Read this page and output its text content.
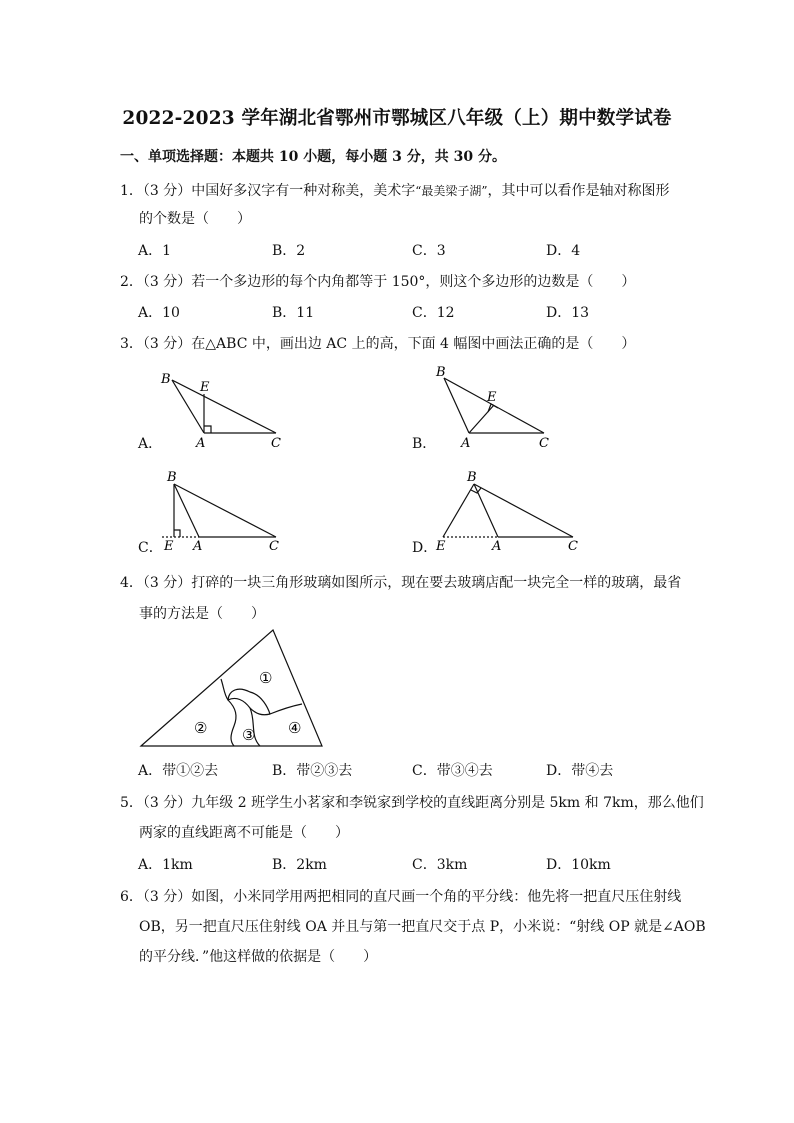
2022-2023 学年湖北省鄂州市鄂城区八年级（上）期中数学试卷
一、单项选择题：本题共 10 小题，每小题 3 分，共 30 分。
1．（3 分）中国好多汉字有一种对称美，美术字“最美梁子湖”，其中可以看作是轴对称图形
的个数是（　　）
A．1	B．2	C．3	D．4
2．（3 分）若一个多边形的每个内角都等于 150°，则这个多边形的边数是（　　）
A．10	B．11	C．12	D．13
3．（3 分）在△ABC 中，画出边 AC 上的高，下面 4 幅图中画法正确的是（　　）
A．	B．
C．	D．
B
E
A	C
B
E
A	C
B
E A	C
B
E	A	C
①
② ③ ④
4．（3 分）打碎的一块三角形玻璃如图所示，现在要去玻璃店配一块完全一样的玻璃，最省
事的方法是（　　）
A．带①②去	B．带②③去	C．带③④去	D．带④去
5．（3 分）九年级 2 班学生小茗家和李锐家到学校的直线距离分别是 5km 和 7km，那么他们
两家的直线距离不可能是（　　）
A．1km	B．2km	C．3km	D．10km
6．（3 分）如图，小米同学用两把相同的直尺画一个角的平分线：他先将一把直尺压住射线
OB，另一把直尺压住射线 OA 并且与第一把直尺交于点 P，小米说：“射线 OP 就是∠AOB
的平分线．”他这样做的依据是（　　）
